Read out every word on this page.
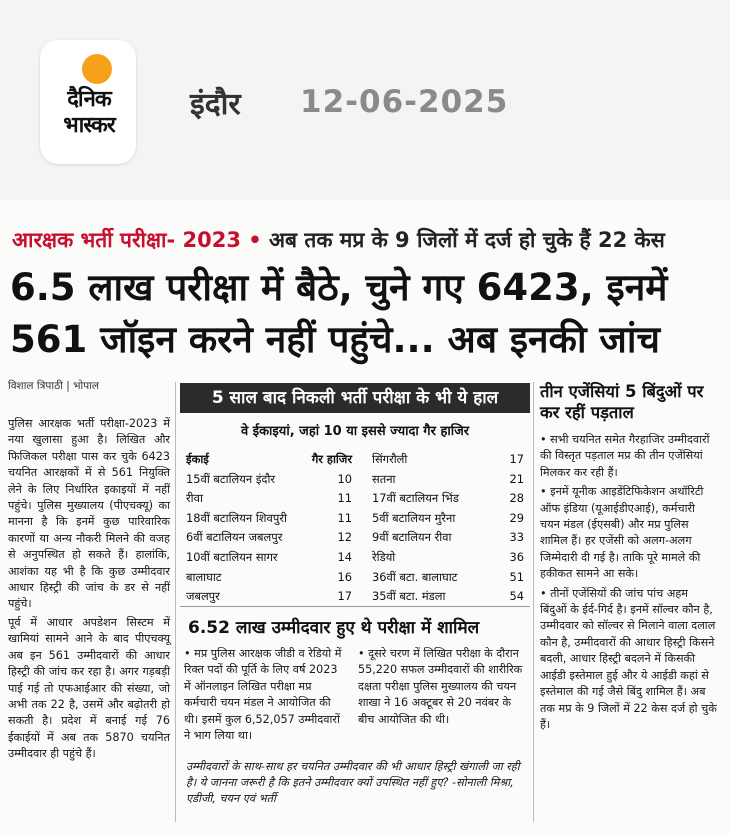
दैनिक
भास्कर
इंदौर 12-06-2025
आरक्षक भर्ती परीक्षा- 2023 • अब तक मप्र के 9 जिलों में दर्ज हो चुके हैं 22 केस
6.5 लाख परीक्षा में बैठे, चुने गए 6423, इनमें 561 जॉइन करने नहीं पहुंचे... अब इनकी जांच
विशाल त्रिपाठी | भोपाल

पुलिस आरक्षक भर्ती परीक्षा-2023 में नया खुलासा हुआ है। लिखित और फिजिकल परीक्षा पास कर चुके 6423 चयनित आरक्षकों में से 561 नियुक्ति लेने के लिए निर्धारित इकाइयों में नहीं पहुंचे। पुलिस मुख्यालय (पीएचक्यू) का मानना है कि इनमें कुछ पारिवारिक कारणों या अन्य नौकरी मिलने की वजह से अनुपस्थित हो सकते हैं। हालांकि, आशंका यह भी है कि कुछ उम्मीदवार आधार हिस्ट्री की जांच के डर से नहीं पहुंचे।

पूर्व में आधार अपडेशन सिस्टम में खामियां सामने आने के बाद पीएचक्यू अब इन 561 उम्मीदवारों की आधार हिस्ट्री की जांच कर रहा है। अगर गड़बड़ी पाई गई तो एफआईआर की संख्या, जो अभी तक 22 है, उसमें और बढ़ोतरी हो सकती है। प्रदेश में बनाई गई 76 ईकाईयों में अब तक 5870 चयनित उम्मीदवार ही पहुंचे हैं।

5 साल बाद निकली भर्ती परीक्षा के भी ये हाल
वे ईकाइयां, जहां 10 या इससे ज्यादा गैर हाजिर
ईकाई	गैर हाजिर
15वीं बटालियन इंदौर	10
रीवा	11
18वीं बटालियन शिवपुरी	11
6वीं बटालियन जबलपुर	12
10वीं बटालियन सागर	14
बालाघाट	16
जबलपुर	17
सिंगरौली	17
सतना	21
17वीं बटालियन भिंड	28
5वीं बटालियन मुरैना	29
9वीं बटालियन रीवा	33
रेडियो	36
36वीं बटा. बालाघाट	51
35वीं बटा. मंडला	54
6.52 लाख उम्मीदवार हुए थे परीक्षा में शामिल
• मप्र पुलिस आरक्षक जीडी व रेडियो में रिक्त पदों की पूर्ति के लिए वर्ष 2023 में ऑनलाइन लिखित परीक्षा मप्र कर्मचारी चयन मंडल ने आयोजित की थी। इसमें कुल 6,52,057 उम्मीदवारों ने भाग लिया था।
• दूसरे चरण में लिखित परीक्षा के दौरान 55,220 सफल उम्मीदवारों की शारीरिक दक्षता परीक्षा पुलिस मुख्यालय की चयन शाखा ने 16 अक्टूबर से 20 नवंबर के बीच आयोजित की थी।
उम्मीदवारों के साथ-साथ हर चयनित उम्मीदवार की भी आधार हिस्ट्री खंगाली जा रही है। ये जानना जरूरी है कि इतने उम्मीदवार क्यों उपस्थित नहीं हुए? -सोनाली मिश्रा, एडीजी, चयन एवं भर्ती
तीन एजेंसियां 5 बिंदुओं पर कर रहीं पड़ताल

• सभी चयनित समेत गैरहाजिर उम्मीदवारों की विस्तृत पड़ताल मप्र की तीन एजेंसियां मिलकर कर रही हैं।

• इनमें यूनीक आइडेंटिफिकेशन अथॉरिटी ऑफ इंडिया (यूआईडीएआई), कर्मचारी चयन मंडल (ईएसबी) और मप्र पुलिस शामिल हैं। हर एजेंसी को अलग-अलग जिम्मेदारी दी गई है। ताकि पूरे मामले की हकीकत सामने आ सके।

• तीनों एजेंसियों की जांच पांच अहम बिंदुओं के ईर्द-गिर्द है। इनमें सॉल्वर कौन है, उम्मीदवार को सॉल्वर से मिलाने वाला दलाल कौन है, उम्मीदवारों की आधार हिस्ट्री किसने बदली, आधार हिस्ट्री बदलने में किसकी आईडी इस्तेमाल हुई और ये आईडी कहां से इस्तेमाल की गई जैसे बिंदु शामिल हैं। अब तक मप्र के 9 जिलों में 22 केस दर्ज हो चुके हैं।
